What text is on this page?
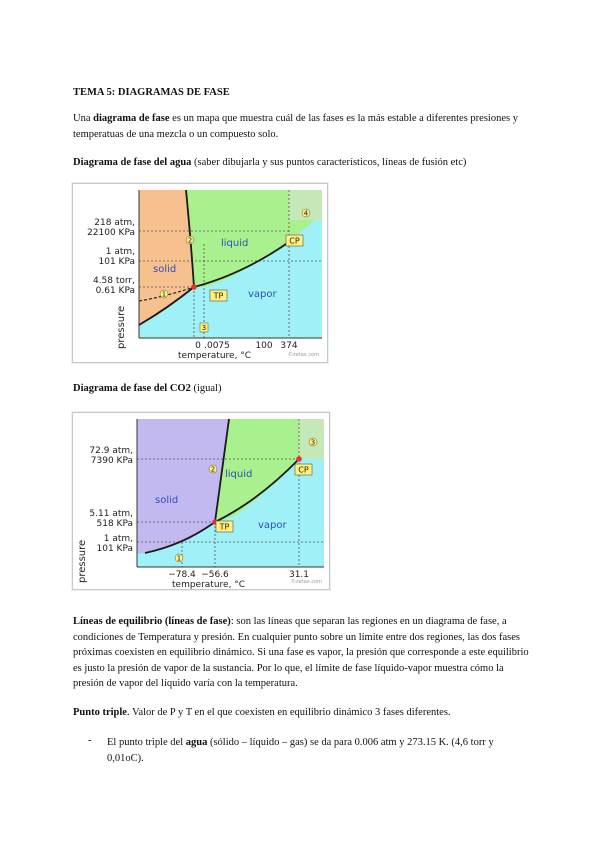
TEMA 5: DIAGRAMAS DE FASE

Una diagrama de fase es un mapa que muestra cuál de las fases es la más estable a diferentes presiones y temperatuas de una mezcla o un compuesto solo.

Diagrama de fase del agua (saber dibujarla y sus puntos característicos, líneas de fusión etc)

218 atm,
22100 KPa
1 atm,
101 KPa
4.58 torr,
0.61 KPa
pressure	0 .0075	100 374
temperature, °C
solid
liquid
vapor
TP
CP
1
2
3
4
©zetax.com

Diagrama de fase del CO2 (igual)

72.9 atm,
7390 KPa
5.11 atm,
518 KPa
1 atm,
101 KPa
pressure	−78.4 −56.6	31.1
temperature, °C
solid
liquid
vapor
TP
CP
1
2
3
©zetax.com

Líneas de equilibrio (líneas de fase): son las líneas que separan las regiones en un diagrama de fase, a condiciones de Temperatura y presión. En cualquier punto sobre un límite entre dos regiones, las dos fases próximas coexisten en equilibrio dinámico. Si una fase es vapor, la presión que corresponde a este equilibrio es justo la presión de vapor de la sustancia. Por lo que, el límite de fase líquido-vapor muestra cómo la presión de vapor del líquido varía con la temperatura.

Punto triple. Valor de P y T en el que coexisten en equilibrio dinámico 3 fases diferentes.

- El punto triple del agua (sólido – líquido – gas) se da para 0.006 atm y 273.15 K. (4,6 torr y 0,01oC).
